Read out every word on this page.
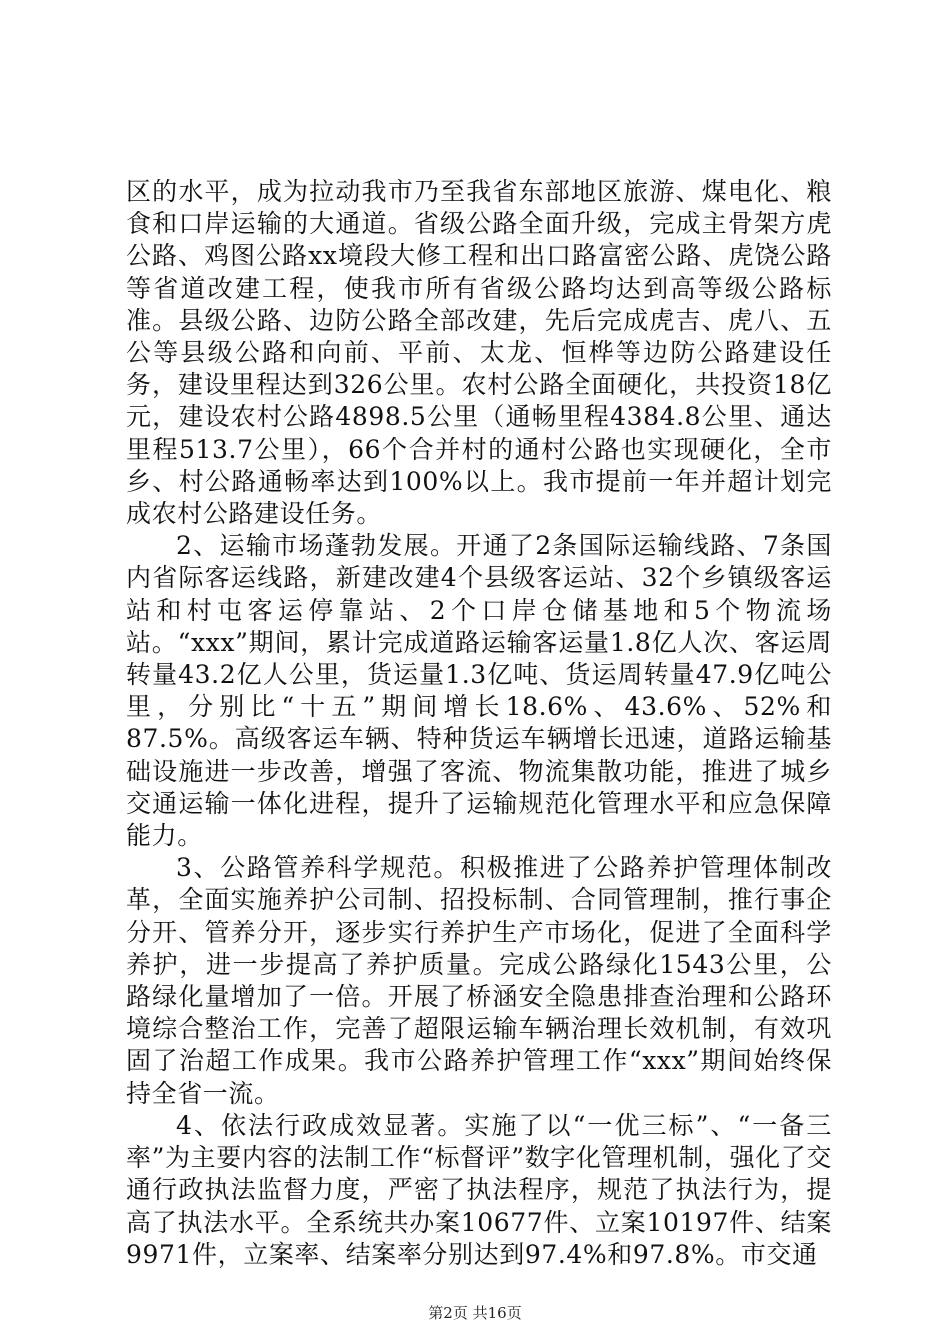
区的水平，成为拉动我市乃至我省东部地区旅游、煤电化、粮食和口岸运输的大通道。省级公路全面升级，完成主骨架方虎公路、鸡图公路xx境段大修工程和出口路富密公路、虎饶公路等省道改建工程，使我市所有省级公路均达到高等级公路标准。县级公路、边防公路全部改建，先后完成虎吉、虎八、五公等县级公路和向前、平前、太龙、恒桦等边防公路建设任务，建设里程达到326公里。农村公路全面硬化，共投资18亿元，建设农村公路4898.5公里（通畅里程4384.8公里、通达里程513.7公里），66个合并村的通村公路也实现硬化，全市乡、村公路通畅率达到100%以上。我市提前一年并超计划完成农村公路建设任务。

2、运输市场蓬勃发展。开通了2条国际运输线路、7条国内省际客运线路，新建改建4个县级客运站、32个乡镇级客运站和村屯客运停靠站、2个口岸仓储基地和5个物流场站。“xxx”期间，累计完成道路运输客运量1.8亿人次、客运周转量43.2亿人公里，货运量1.3亿吨、货运周转量47.9亿吨公里，分别比“十五”期间增长18.6%、43.6%、52%和87.5%。高级客运车辆、特种货运车辆增长迅速，道路运输基础设施进一步改善，增强了客流、物流集散功能，推进了城乡交通运输一体化进程，提升了运输规范化管理水平和应急保障能力。

3、公路管养科学规范。积极推进了公路养护管理体制改革，全面实施养护公司制、招投标制、合同管理制，推行事企分开、管养分开，逐步实行养护生产市场化，促进了全面科学养护，进一步提高了养护质量。完成公路绿化1543公里，公路绿化量增加了一倍。开展了桥涵安全隐患排查治理和公路环境综合整治工作，完善了超限运输车辆治理长效机制，有效巩固了治超工作成果。我市公路养护管理工作“xxx”期间始终保持全省一流。

4、依法行政成效显著。实施了以“一优三标”、“一备三率”为主要内容的法制工作“标督评”数字化管理机制，强化了交通行政执法监督力度，严密了执法程序，规范了执法行为，提高了执法水平。全系统共办案10677件、立案10197件、结案9971件，立案率、结案率分别达到97.4%和97.8%。市交通

第2页 共16页
